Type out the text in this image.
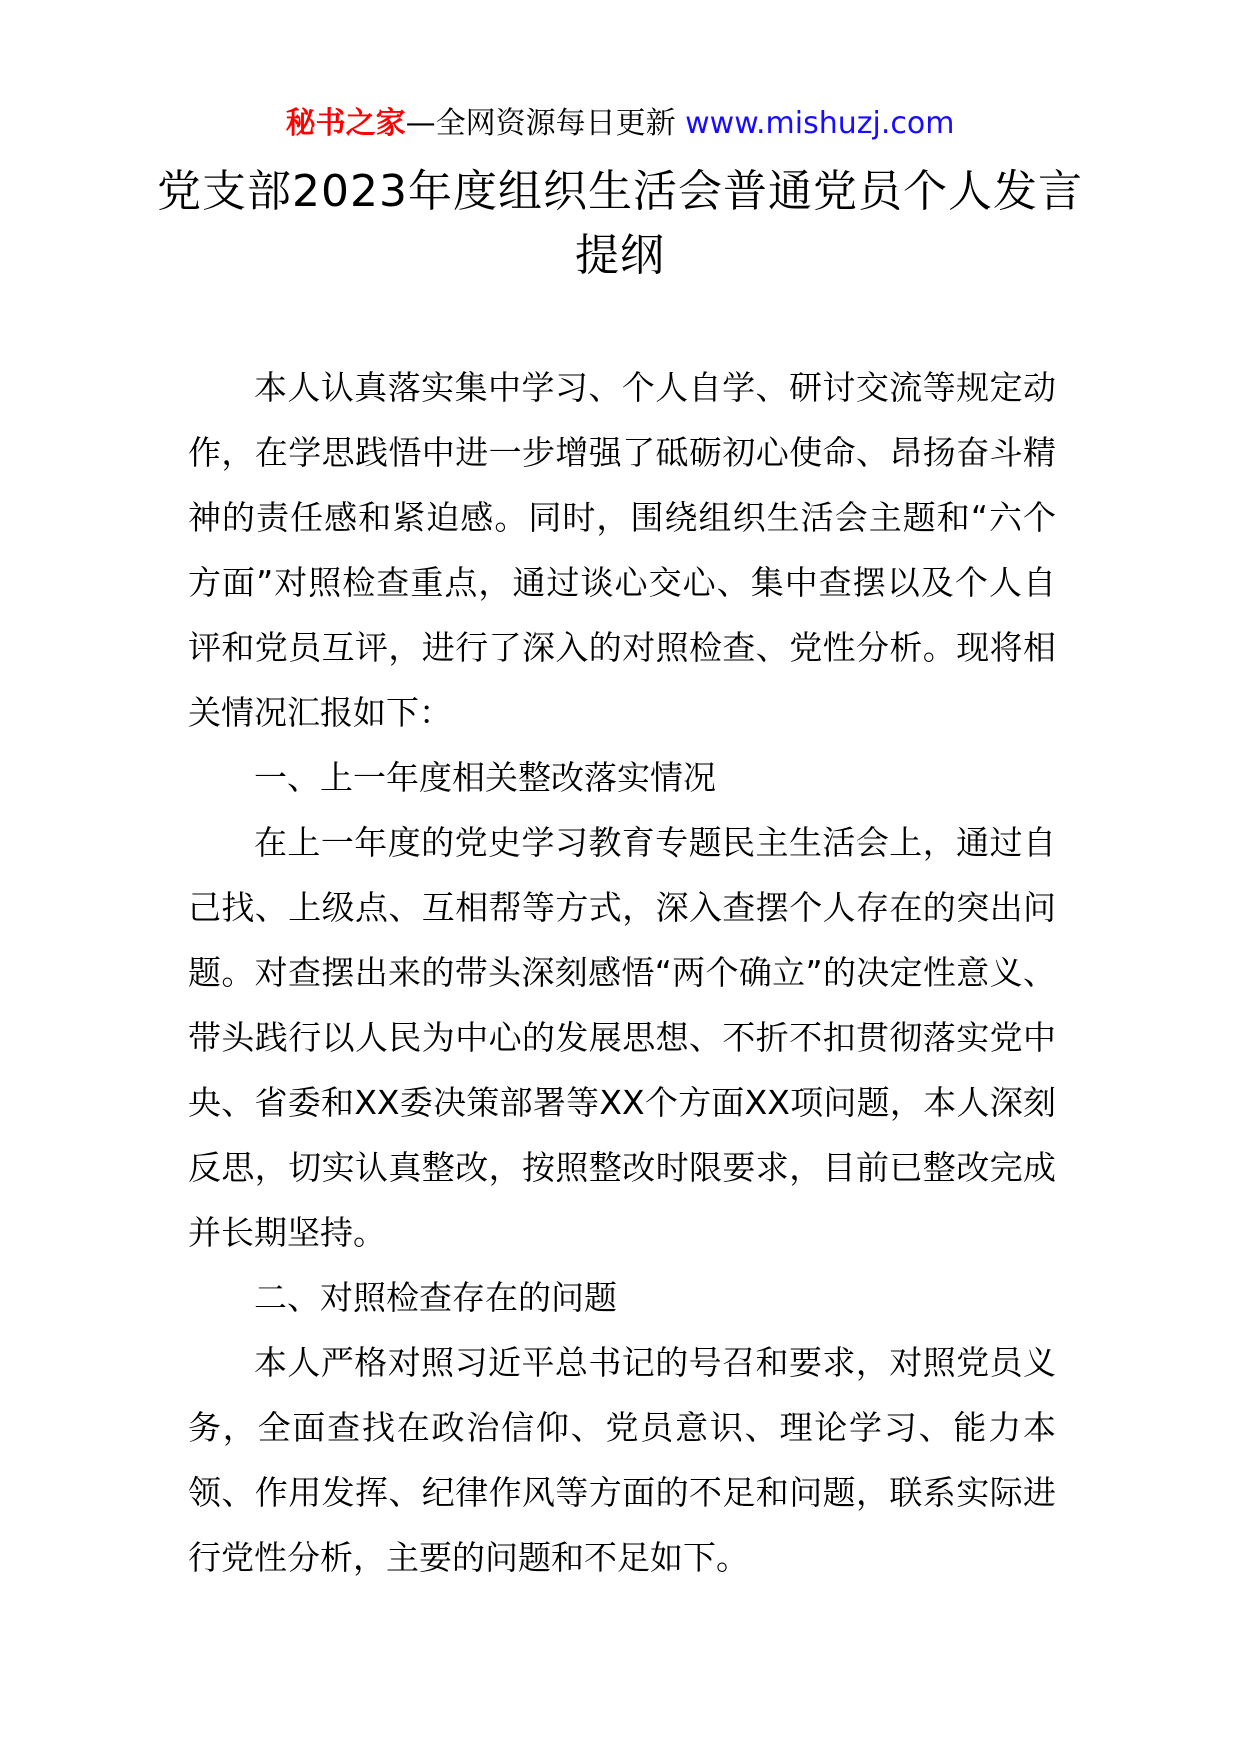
秘书之家—全网资源每日更新 www.mishuzj.com
党支部2023年度组织生活会普通党员个人发言提纲

本人认真落实集中学习、个人自学、研讨交流等规定动作，在学思践悟中进一步增强了砥砺初心使命、昂扬奋斗精神的责任感和紧迫感。同时，围绕组织生活会主题和“六个方面”对照检查重点，通过谈心交心、集中查摆以及个人自评和党员互评，进行了深入的对照检查、党性分析。现将相关情况汇报如下：

一、上一年度相关整改落实情况

在上一年度的党史学习教育专题民主生活会上，通过自己找、上级点、互相帮等方式，深入查摆个人存在的突出问题。对查摆出来的带头深刻感悟“两个确立”的决定性意义、带头践行以人民为中心的发展思想、不折不扣贯彻落实党中央、省委和XX委决策部署等XX个方面XX项问题，本人深刻反思，切实认真整改，按照整改时限要求，目前已整改完成并长期坚持。

二、对照检查存在的问题

本人严格对照习近平总书记的号召和要求，对照党员义务，全面查找在政治信仰、党员意识、理论学习、能力本领、作用发挥、纪律作风等方面的不足和问题，联系实际进行党性分析，主要的问题和不足如下。
